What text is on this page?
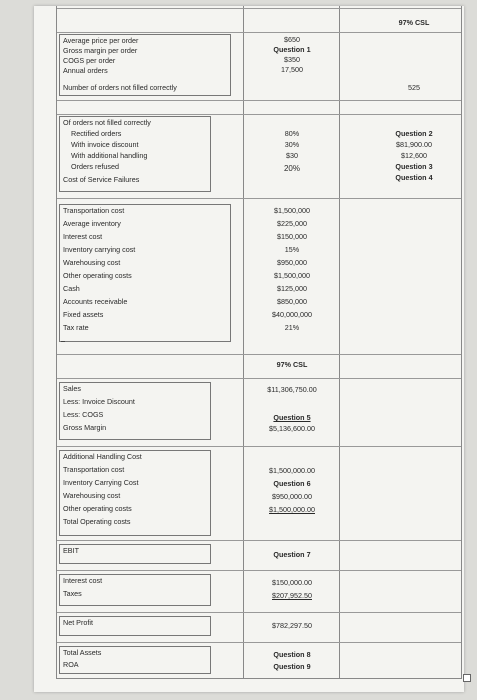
97% CSL
Average price per order
Gross margin per order
COGS per order
Annual orders
Number of orders not filled correctly
$650
Question 1
$350
17,500
525
Of orders not filled correctly
Rectified orders
With invoice discount
With additional handling
Orders refused
Cost of Service Failures
80%
30%
$30
20%
Question 2
$81,900.00
$12,600
Question 3
Question 4
Transportation cost
Average inventory
Interest cost
Inventory carrying cost
Warehousing cost
Other operating costs
Cash
Accounts receivable
Fixed assets
Tax rate
$1,500,000
$225,000
$150,000
15%
$950,000
$1,500,000
$125,000
$850,000
$40,000,000
21%
97% CSL
Sales
Less: Invoice Discount
Less: COGS
Gross Margin
$11,306,750.00
Question 5
$5,136,600.00
Additional Handling Cost
Transportation cost
Inventory Carrying Cost
Warehousing cost
Other operating costs
Total Operating costs
$1,500,000.00
Question 6
$950,000.00
$1,500,000.00
EBIT	Question 7
Interest cost
Taxes
$150,000.00
$207,952.50
Net Profit	$782,297.50
Total Assets
ROA
Question 8
Question 9
